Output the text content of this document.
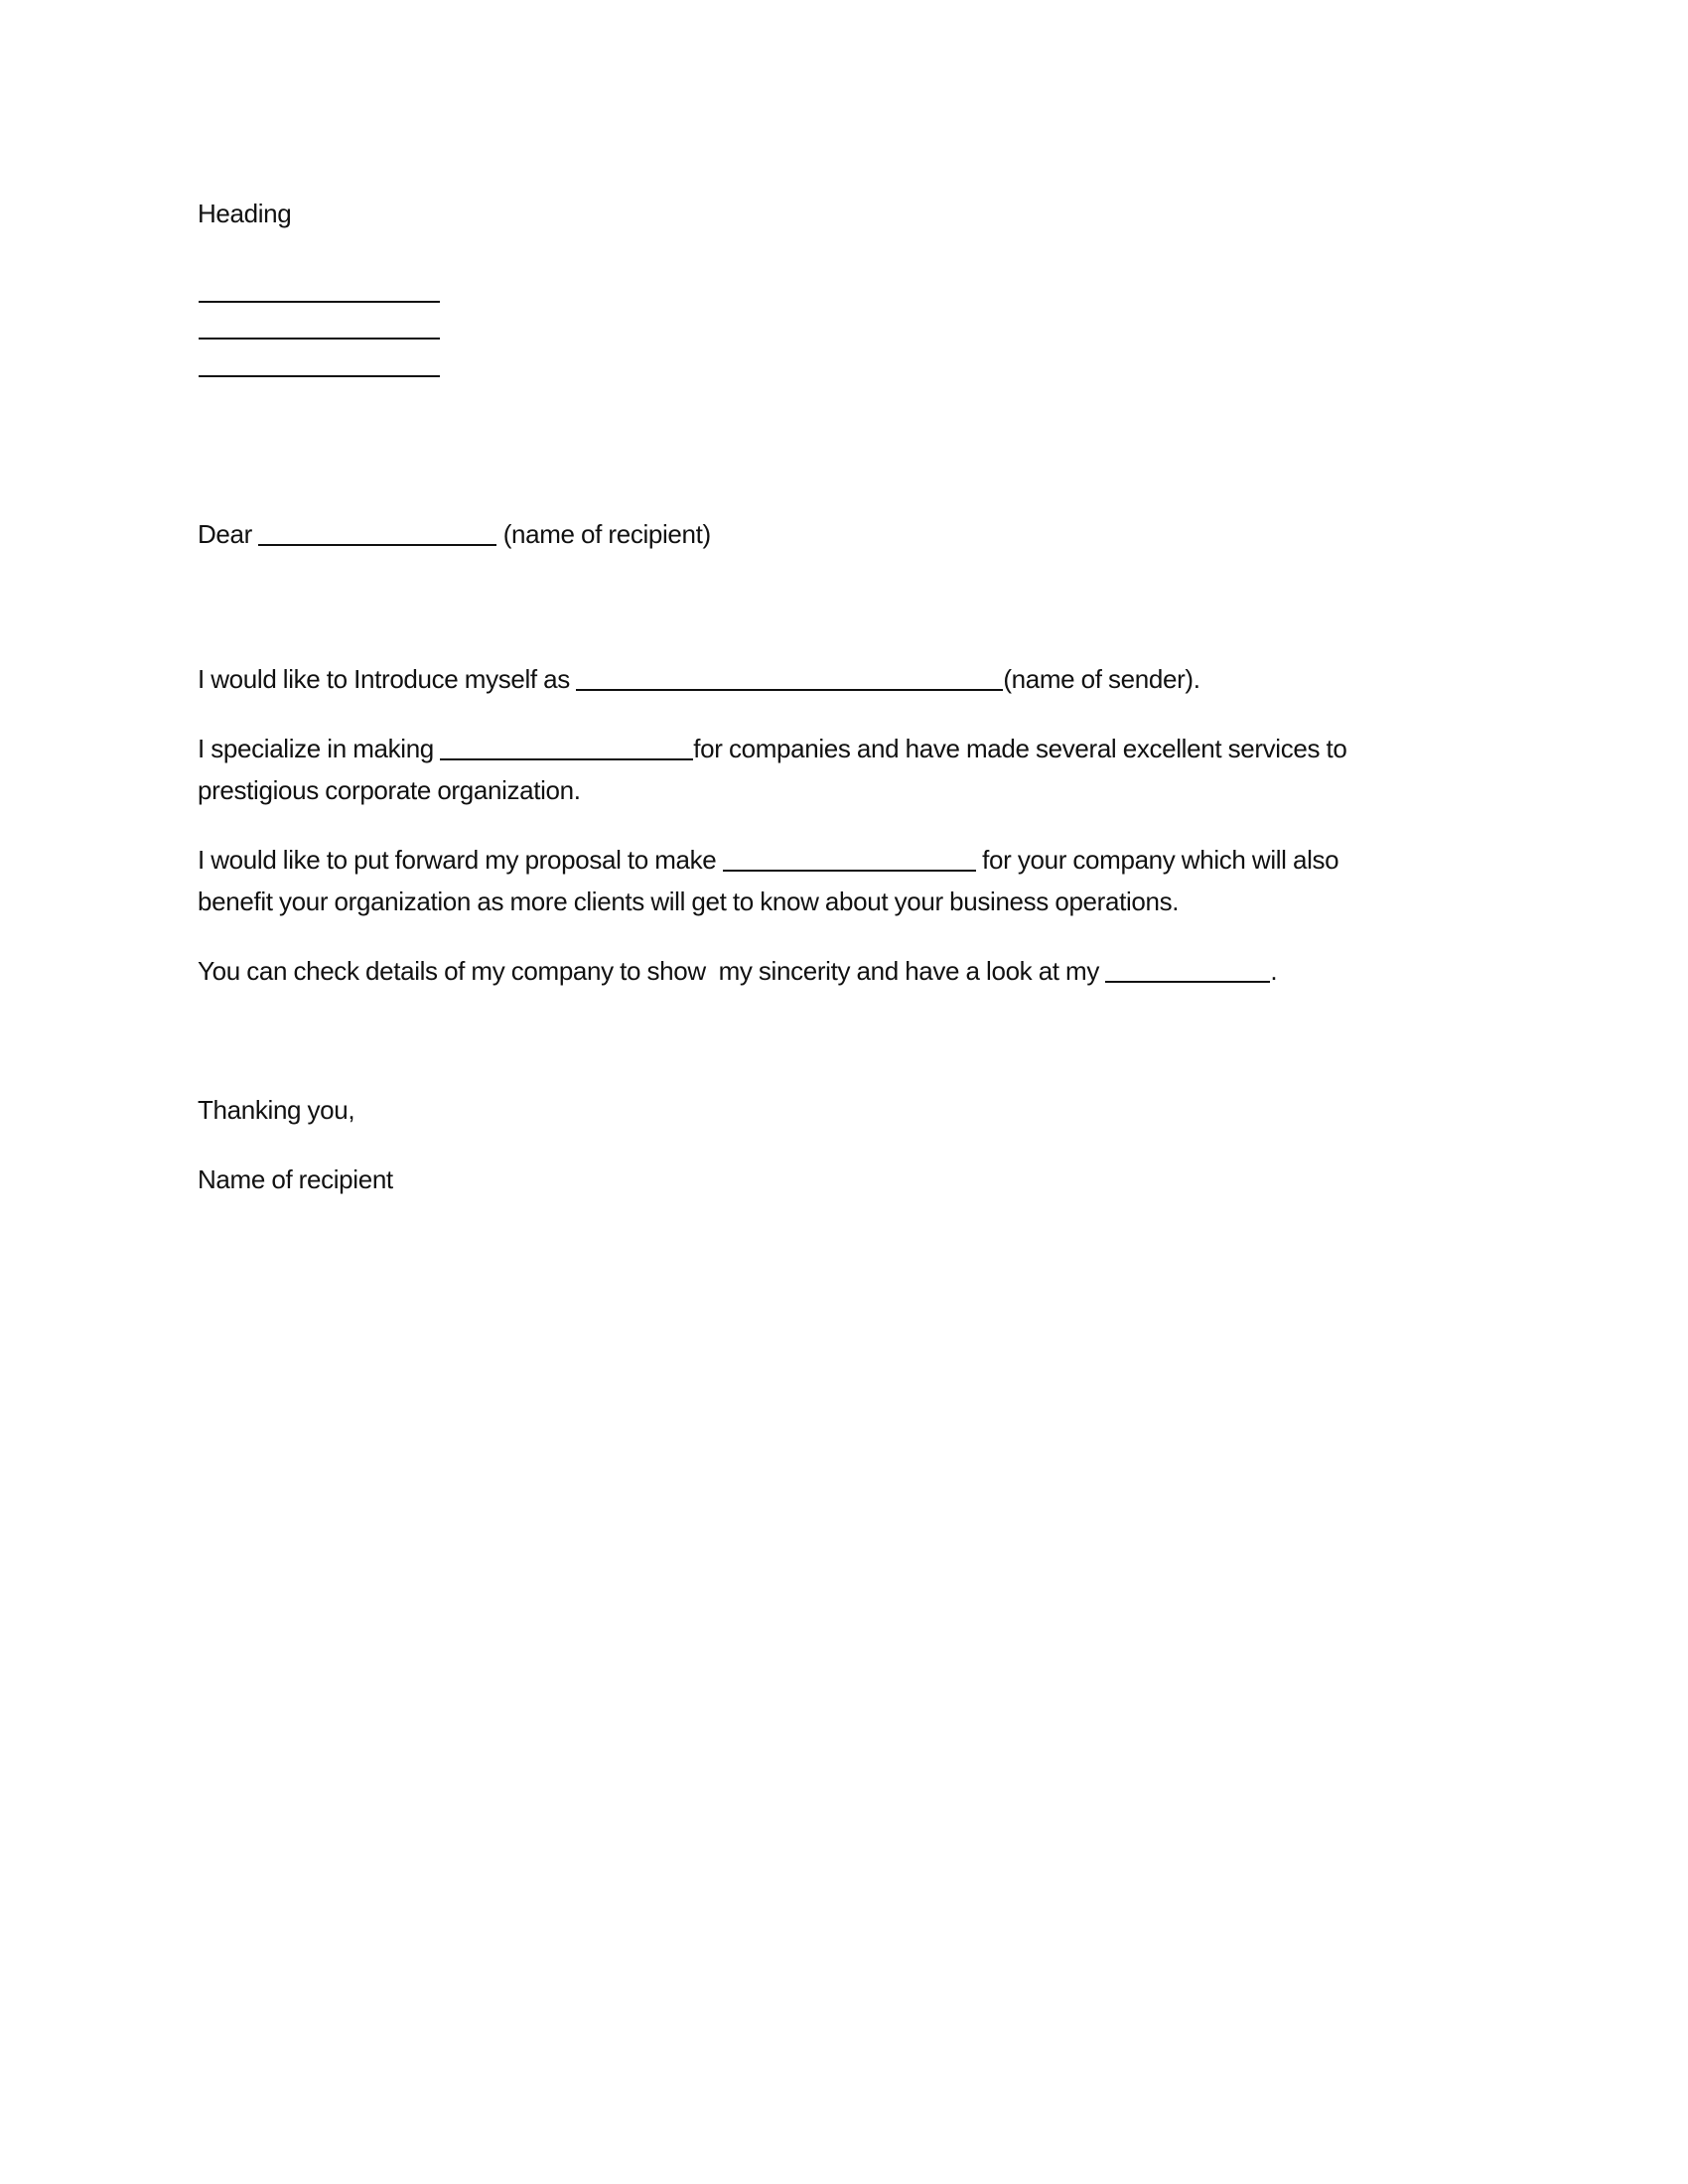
Heading
Dear	(name of recipient)
I would like to Introduce myself as	(name of sender).
I specialize in making	for companies and have made several excellent services to
prestigious corporate organization.
I would like to put forward my proposal to make	for your company which will also
benefit your organization as more clients will get to know about your business operations.
You can check details of my company to show  my sincerity and have a look at my	.
Thanking you,
Name of recipient
